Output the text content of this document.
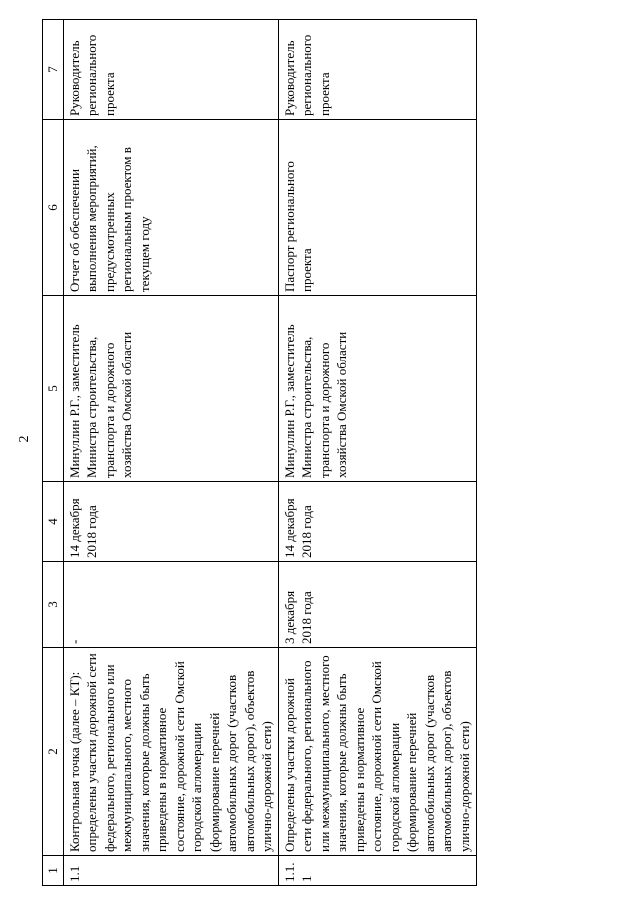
2
1	2	3	4	5	6	7
1.1	Контрольная точка (далее – КТ): определены участки дорожной сети федерального, регионального или межмуниципального, местного значения, которые должны быть приведены в нормативное состояние, дорожной сети Омской городской агломерации (формирование перечней автомобильных дорог (участков автомобильных дорог), объектов улично-дорожной сети)	-	14 декабря 2018 года	Минуллин Р.Г., заместитель Министра строительства, транспорта и дорожного хозяйства Омской области	Отчет об обеспечении выполнения мероприятий, предусмотренных региональным проектом в текущем году	Руководитель регионального проекта
1.1.1	Определены участки дорожной сети федерального, регионального или межмуниципального, местного значения, которые должны быть приведены в нормативное состояние, дорожной сети Омской городской агломерации (формирование перечней автомобильных дорог (участков автомобильных дорог), объектов улично-дорожной сети)	3 декабря 2018 года	14 декабря 2018 года	Минуллин Р.Г., заместитель Министра строительства, транспорта и дорожного хозяйства Омской области	Паспорт регионального проекта	Руководитель регионального проекта
